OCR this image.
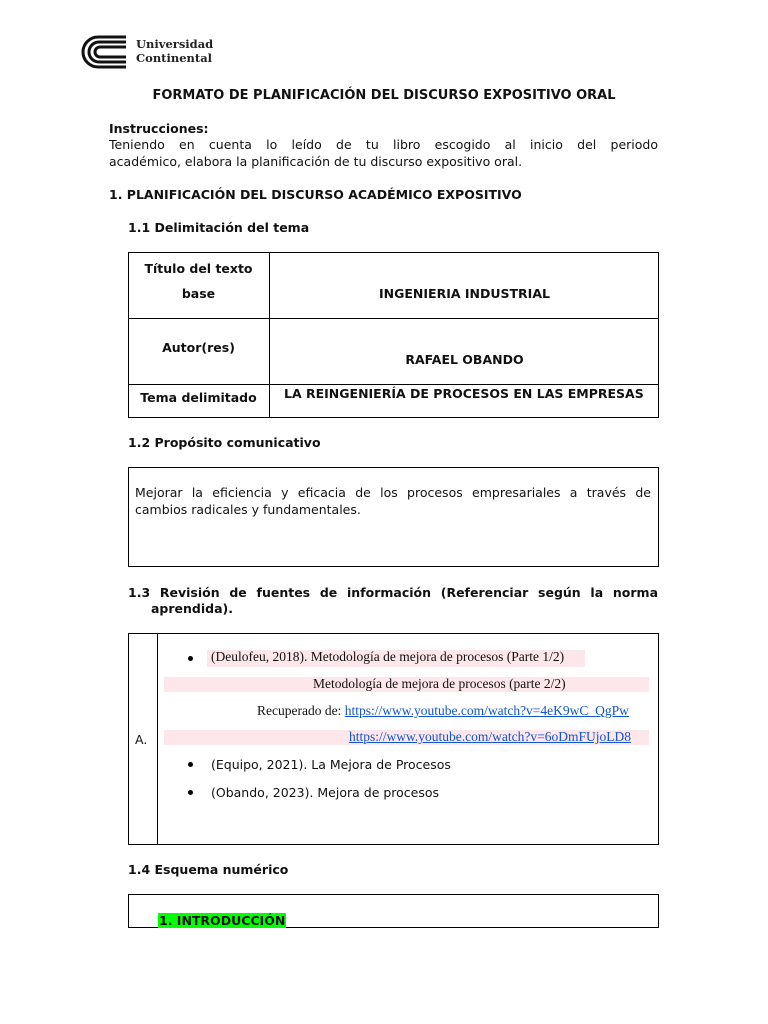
Universidad
Continental
FORMATO DE PLANIFICACIÓN DEL DISCURSO EXPOSITIVO ORAL
Instrucciones:
Teniendo en cuenta lo leído de tu libro escogido al inicio del periodo
académico, elabora la planificación de tu discurso expositivo oral.
1. PLANIFICACIÓN DEL DISCURSO ACADÉMICO EXPOSITIVO
1.1 Delimitación del tema
Título del texto
base	INGENIERIA INDUSTRIAL
Autor(res)
RAFAEL OBANDO
Tema delimitado	LA REINGENIERÍA DE PROCESOS EN LAS EMPRESAS
1.2 Propósito comunicativo
Mejorar la eficiencia y eficacia de los procesos empresariales a través de
cambios radicales y fundamentales.
1.3 Revisión de fuentes de información (Referenciar según la norma
aprendida).
A.
(Deulofeu, 2018). Metodología de mejora de procesos (Parte 1/2)
Metodología de mejora de procesos (parte 2/2)
Recuperado de: https://www.youtube.com/watch?v=4eK9wC_QgPw
https://www.youtube.com/watch?v=6oDmFUjoLD8
(Equipo, 2021). La Mejora de Procesos
(Obando, 2023). Mejora de procesos
1.4 Esquema numérico
1. INTRODUCCIÓN
